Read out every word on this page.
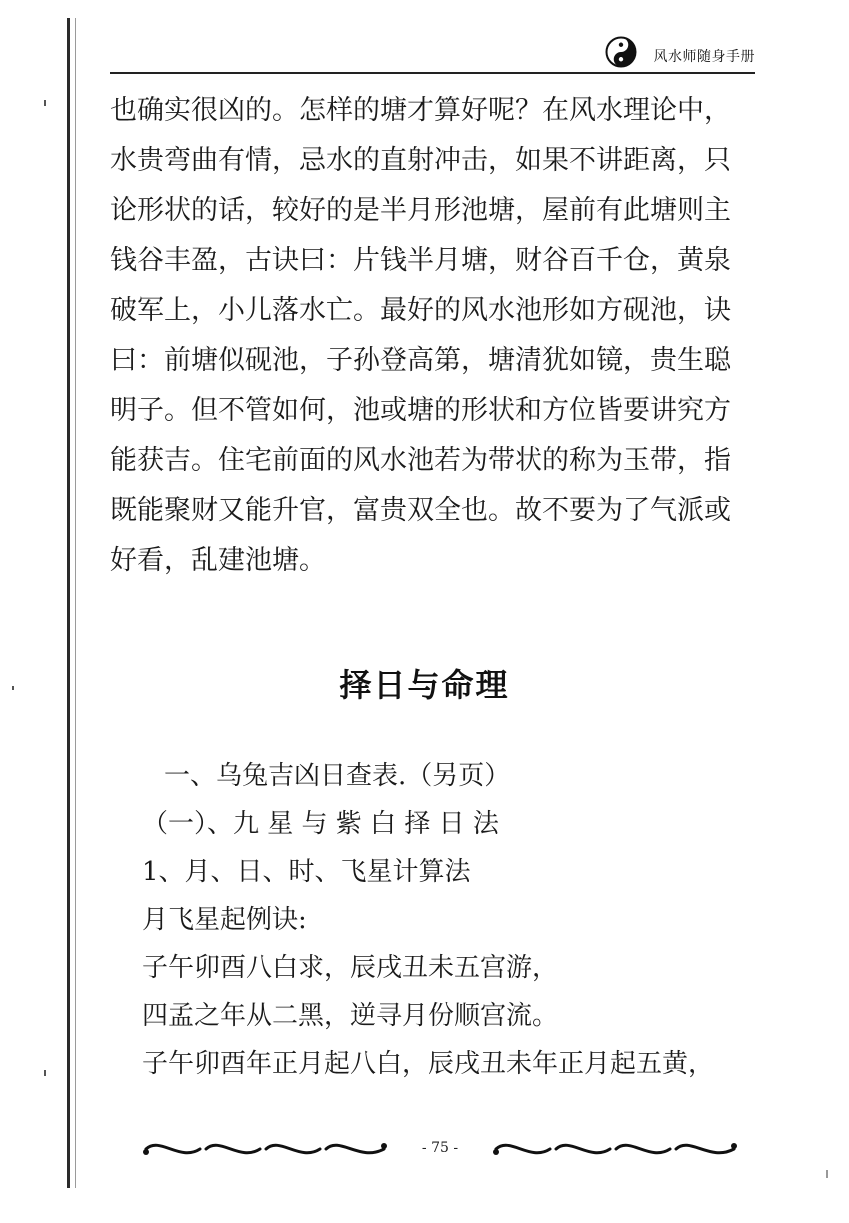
风水师随身手册
也确实很凶的。怎样的塘才算好呢？在风水理论中，
水贵弯曲有情，忌水的直射冲击，如果不讲距离，只
论形状的话，较好的是半月形池塘，屋前有此塘则主
钱谷丰盈，古诀曰：片钱半月塘，财谷百千仓，黄泉
破军上，小儿落水亡。最好的风水池形如方砚池，诀
曰：前塘似砚池，子孙登高第，塘清犹如镜，贵生聪
明子。但不管如何，池或塘的形状和方位皆要讲究方
能获吉。住宅前面的风水池若为带状的称为玉带，指
既能聚财又能升官，富贵双全也。故不要为了气派或
好看，乱建池塘。
择日与命理
一、乌兔吉凶日查表.（另页）
（一）、九 星 与 紫 白 择 日 法
1、月、日、时、飞星计算法
月飞星起例诀:
子午卯酉八白求，辰戌丑未五宫游，
四孟之年从二黑，逆寻月份顺宫流。
子午卯酉年正月起八白，辰戌丑未年正月起五黄，
- 75 -
